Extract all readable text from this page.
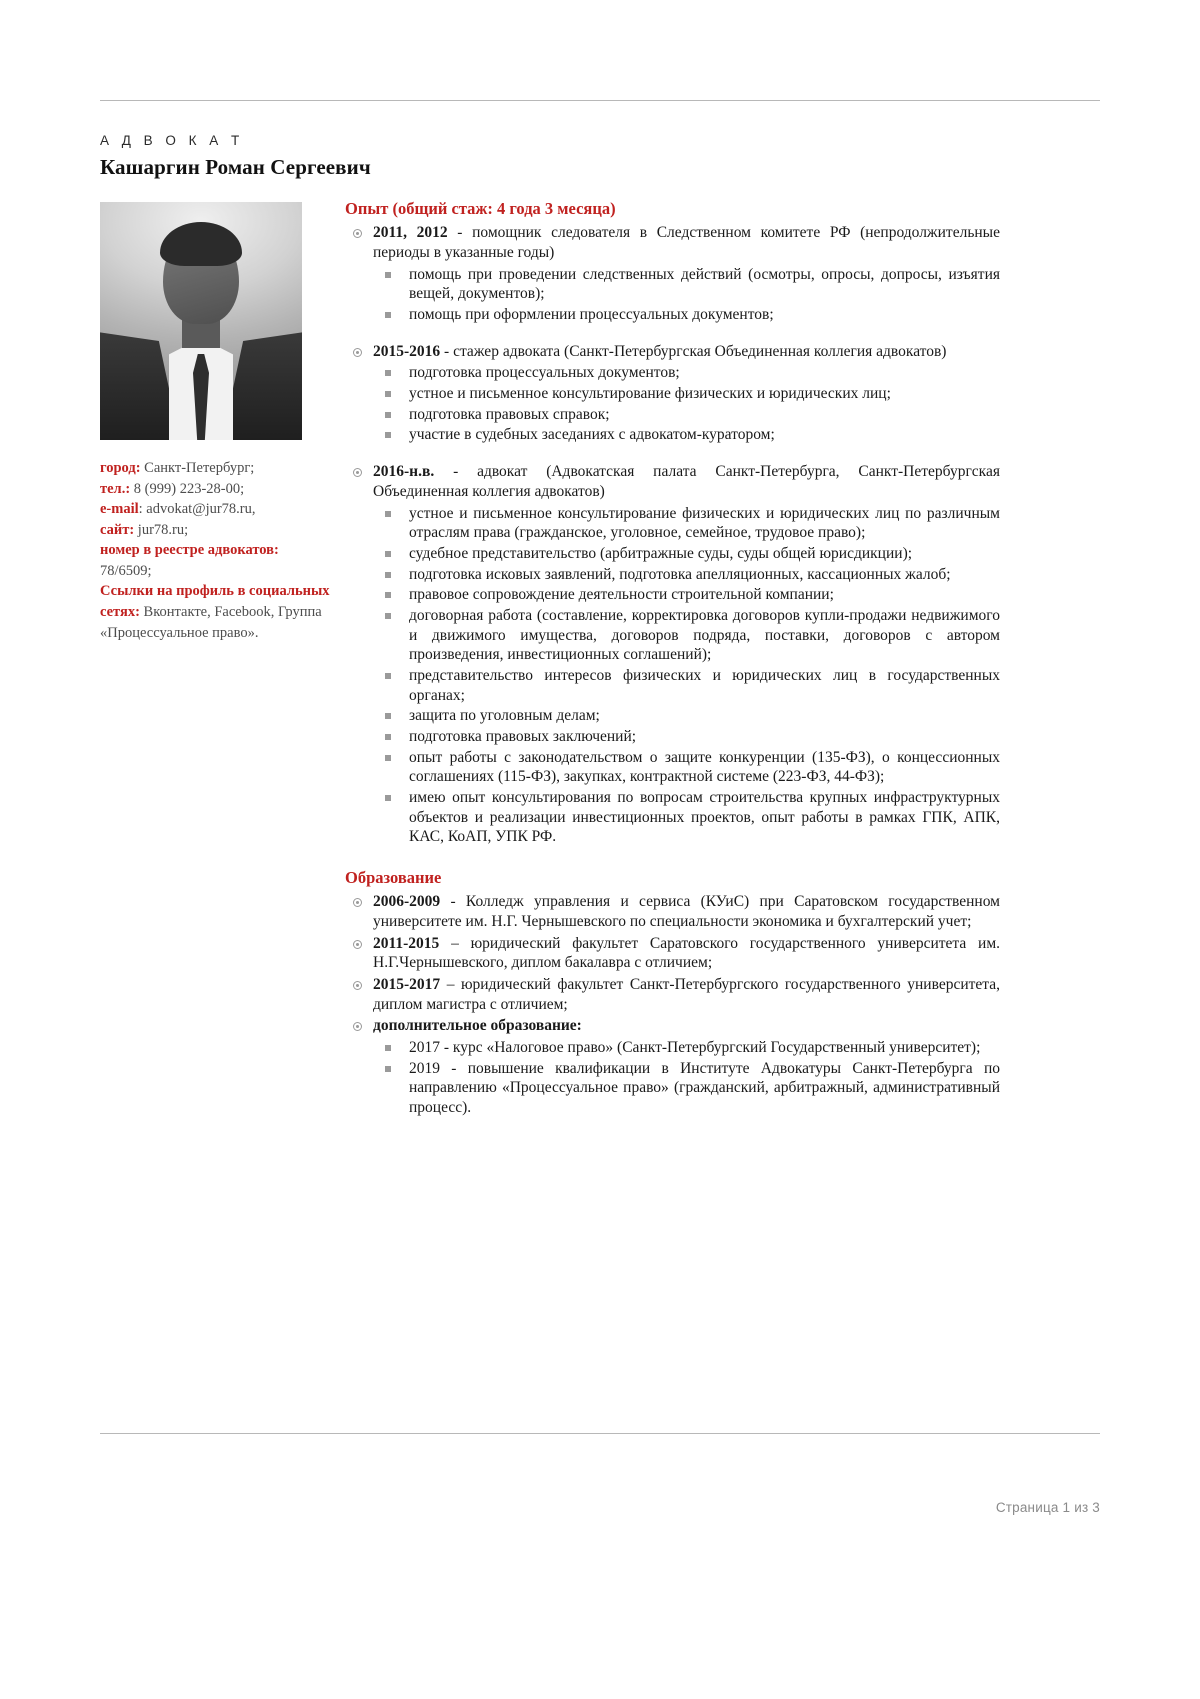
А Д В О К А Т
Кашаргин Роман Сергеевич
город: Санкт-Петербург;
тел.: 8 (999) 223-28-00;
e-mail: advokat@jur78.ru,
сайт: jur78.ru;
номер в реестре адвокатов: 78/6509;
Ссылки на профиль в социальных сетях: Вконтакте, Facebook, Группа «Процессуальное право».
Опыт (общий стаж: 4 года 3 месяца)

2011, 2012 - помощник следователя в Следственном комитете РФ (непродолжительные периоды в указанные годы)

помощь при проведении следственных действий (осмотры, опросы, допросы, изъятия вещей, документов);
помощь при оформлении процессуальных документов;

2015-2016 - стажер адвоката (Санкт-Петербургская Объединенная коллегия адвокатов)

подготовка процессуальных документов;
устное и письменное консультирование физических и юридических лиц;
подготовка правовых справок;
участие в судебных заседаниях с адвокатом-куратором;

2016-н.в. - адвокат (Адвокатская палата Санкт-Петербурга, Санкт-Петербургская Объединенная коллегия адвокатов)

устное и письменное консультирование физических и юридических лиц по различным отраслям права (гражданское, уголовное, семейное, трудовое право);
судебное представительство (арбитражные суды, суды общей юрисдикции);
подготовка исковых заявлений, подготовка апелляционных, кассационных жалоб;
правовое сопровождение деятельности строительной компании;
договорная работа (составление, корректировка договоров купли-продажи недвижимого и движимого имущества, договоров подряда, поставки, договоров с автором произведения, инвестиционных соглашений);
представительство интересов физических и юридических лиц в государственных органах;
защита по уголовным делам;
подготовка правовых заключений;
опыт работы с законодательством о защите конкуренции (135-ФЗ), о концессионных соглашениях (115-ФЗ), закупках, контрактной системе (223-ФЗ, 44-ФЗ);
имею опыт консультирования по вопросам строительства крупных инфраструктурных объектов и реализации инвестиционных проектов, опыт работы в рамках ГПК, АПК, КАС, КоАП, УПК РФ.
Образование

2006-2009 - Колледж управления и сервиса (КУиС) при Саратовском государственном университете им. Н.Г. Чернышевского по специальности экономика и бухгалтерский учет;

2011-2015 – юридический факультет Саратовского государственного университета им. Н.Г.Чернышевского, диплом бакалавра с отличием;

2015-2017 – юридический факультет Санкт-Петербургского государственного университета, диплом магистра с отличием;

дополнительное образование:

2017 - курс «Налоговое право» (Санкт-Петербургский Государственный университет);
2019 - повышение квалификации в Институте Адвокатуры Санкт-Петербурга по направлению «Процессуальное право» (гражданский, арбитражный, административный процесс).
Страница 1 из 3
